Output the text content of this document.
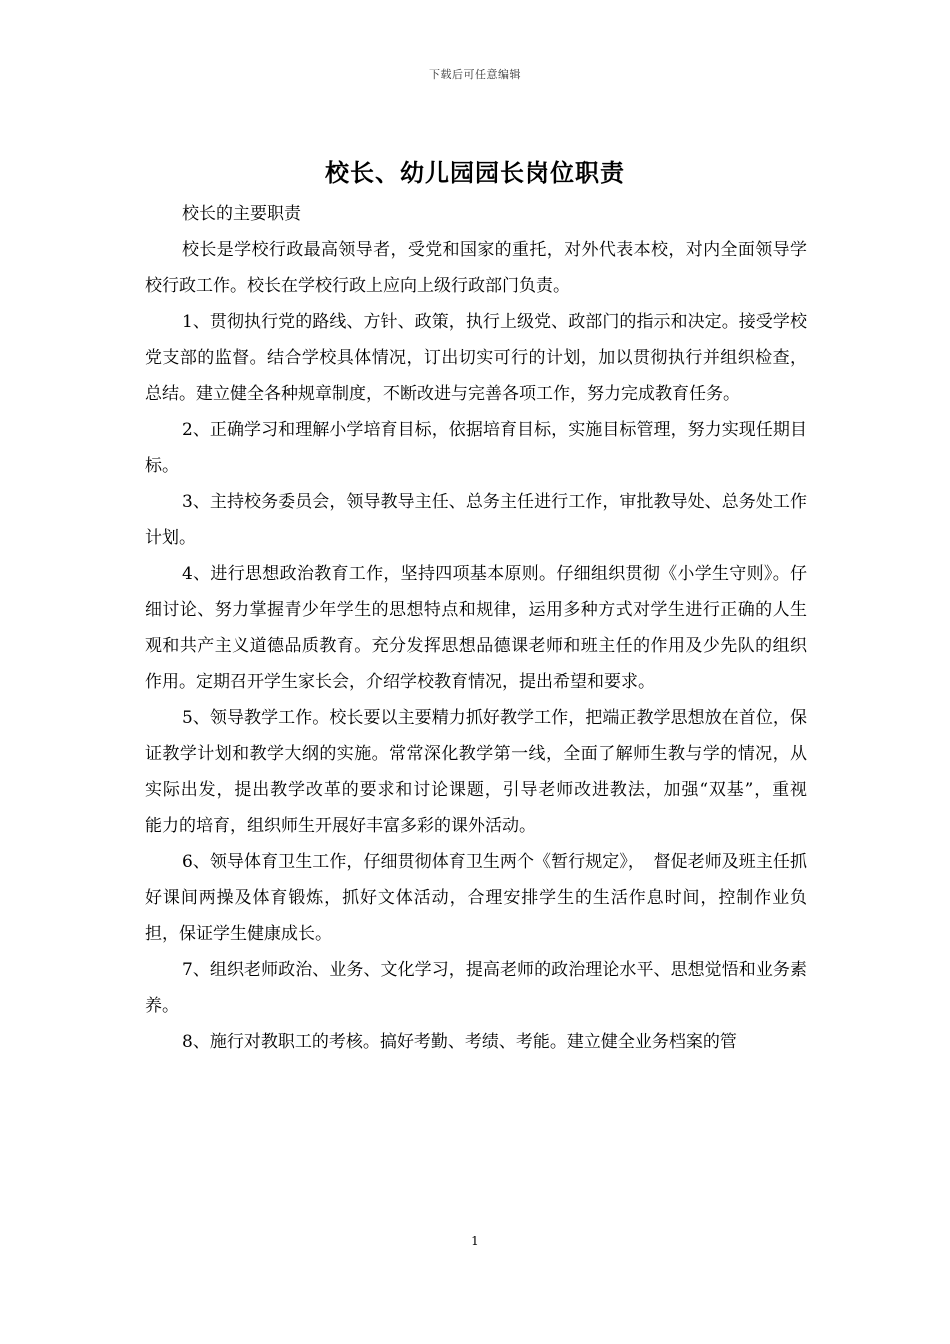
下载后可任意编辑
校长、幼儿园园长岗位职责

校长的主要职责

校长是学校行政最高领导者，受党和国家的重托，对外代表本校，对内全面领导学校行政工作。校长在学校行政上应向上级行政部门负责。

1、贯彻执行党的路线、方针、政策，执行上级党、政部门的指示和决定。接受学校党支部的监督。结合学校具体情况，订出切实可行的计划，加以贯彻执行并组织检查，总结。建立健全各种规章制度，不断改进与完善各项工作，努力完成教育任务。

2、正确学习和理解小学培育目标，依据培育目标，实施目标管理，努力实现任期目标。

3、主持校务委员会，领导教导主任、总务主任进行工作，审批教导处、总务处工作计划。

4、进行思想政治教育工作，坚持四项基本原则。仔细组织贯彻《小学生守则》。仔细讨论、努力掌握青少年学生的思想特点和规律，运用多种方式对学生进行正确的人生观和共产主义道德品质教育。充分发挥思想品德课老师和班主任的作用及少先队的组织作用。定期召开学生家长会，介绍学校教育情况，提出希望和要求。

5、领导教学工作。校长要以主要精力抓好教学工作，把端正教学思想放在首位，保证教学计划和教学大纲的实施。常常深化教学第一线，全面了解师生教与学的情况，从实际出发，提出教学改革的要求和讨论课题，引导老师改进教法，加强“双基”，重视　能力的培育，组织师生开展好丰富多彩的课外活动。

6、领导体育卫生工作，仔细贯彻体育卫生两个《暂行规定》，　督促老师及班主任抓好课间两操及体育锻炼，抓好文体活动，合理安排学生的生活作息时间，控制作业负担，保证学生健康成长。

7、组织老师政治、业务、文化学习，提高老师的政治理论水平、思想觉悟和业务素养。

8、施行对教职工的考核。搞好考勤、考绩、考能。建立健全业务档案的管

1
